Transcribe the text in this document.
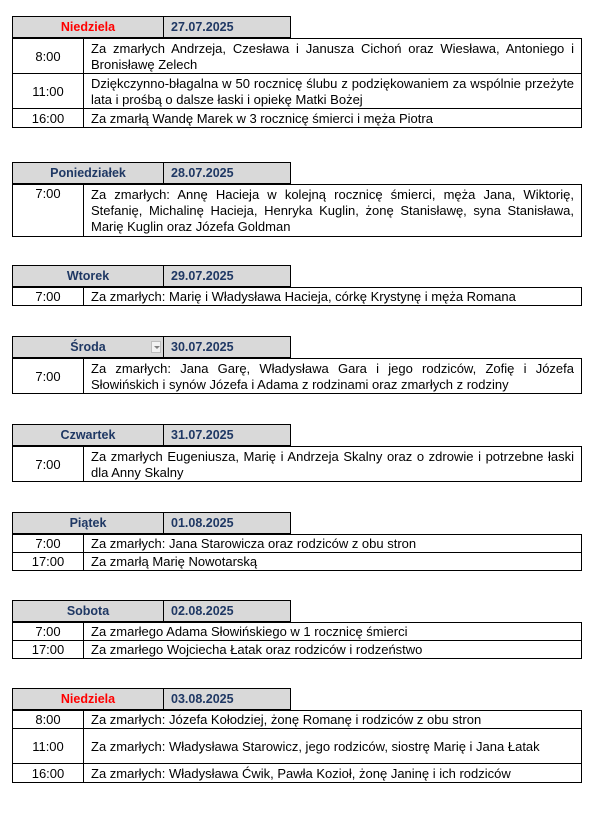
Niedziela	27.07.2025
8:00	Za zmarłych Andrzeja, Czesława i Janusza Cichoń oraz Wiesława, Antoniego i Bronisławę Zelech
11:00	Dziękczynno-błagalna w 50 rocznicę ślubu z podziękowaniem za wspólnie przeżyte lata i prośbą o dalsze łaski i opiekę Matki Bożej
16:00	Za zmarłą Wandę Marek w 3 rocznicę śmierci i męża Piotra
Poniedziałek	28.07.2025
7:00	Za zmarłych: Annę Hacieja w kolejną rocznicę śmierci, męża Jana, Wiktorię, Stefanię, Michalinę Hacieja, Henryka Kuglin, żonę Stanisławę, syna Stanisława, Marię Kuglin oraz Józefa Goldman
Wtorek	29.07.2025
7:00	Za zmarłych: Marię i Władysława Hacieja, córkę Krystynę i męża Romana
Środa	30.07.2025
7:00	Za zmarłych: Jana Garę, Władysława Gara i jego rodziców, Zofię i Józefa Słowińskich i synów Józefa i Adama z rodzinami oraz zmarłych z rodziny
Czwartek	31.07.2025
7:00	Za zmarłych Eugeniusza, Marię i Andrzeja Skalny oraz o zdrowie i potrzebne łaski dla Anny Skalny
Piątek	01.08.2025
7:00	Za zmarłych: Jana Starowicza oraz rodziców z obu stron
17:00	Za zmarłą Marię Nowotarską
Sobota	02.08.2025
7:00	Za zmarłego Adama Słowińskiego w 1 rocznicę śmierci
17:00	Za zmarłego Wojciecha Łatak oraz rodziców i rodzeństwo
Niedziela	03.08.2025
8:00	Za zmarłych: Józefa Kołodziej, żonę Romanę i rodziców z obu stron
11:00	Za zmarłych: Władysława Starowicz, jego rodziców, siostrę Marię i Jana Łatak
16:00	Za zmarłych: Władysława Ćwik, Pawła Kozioł, żonę Janinę i ich rodziców
